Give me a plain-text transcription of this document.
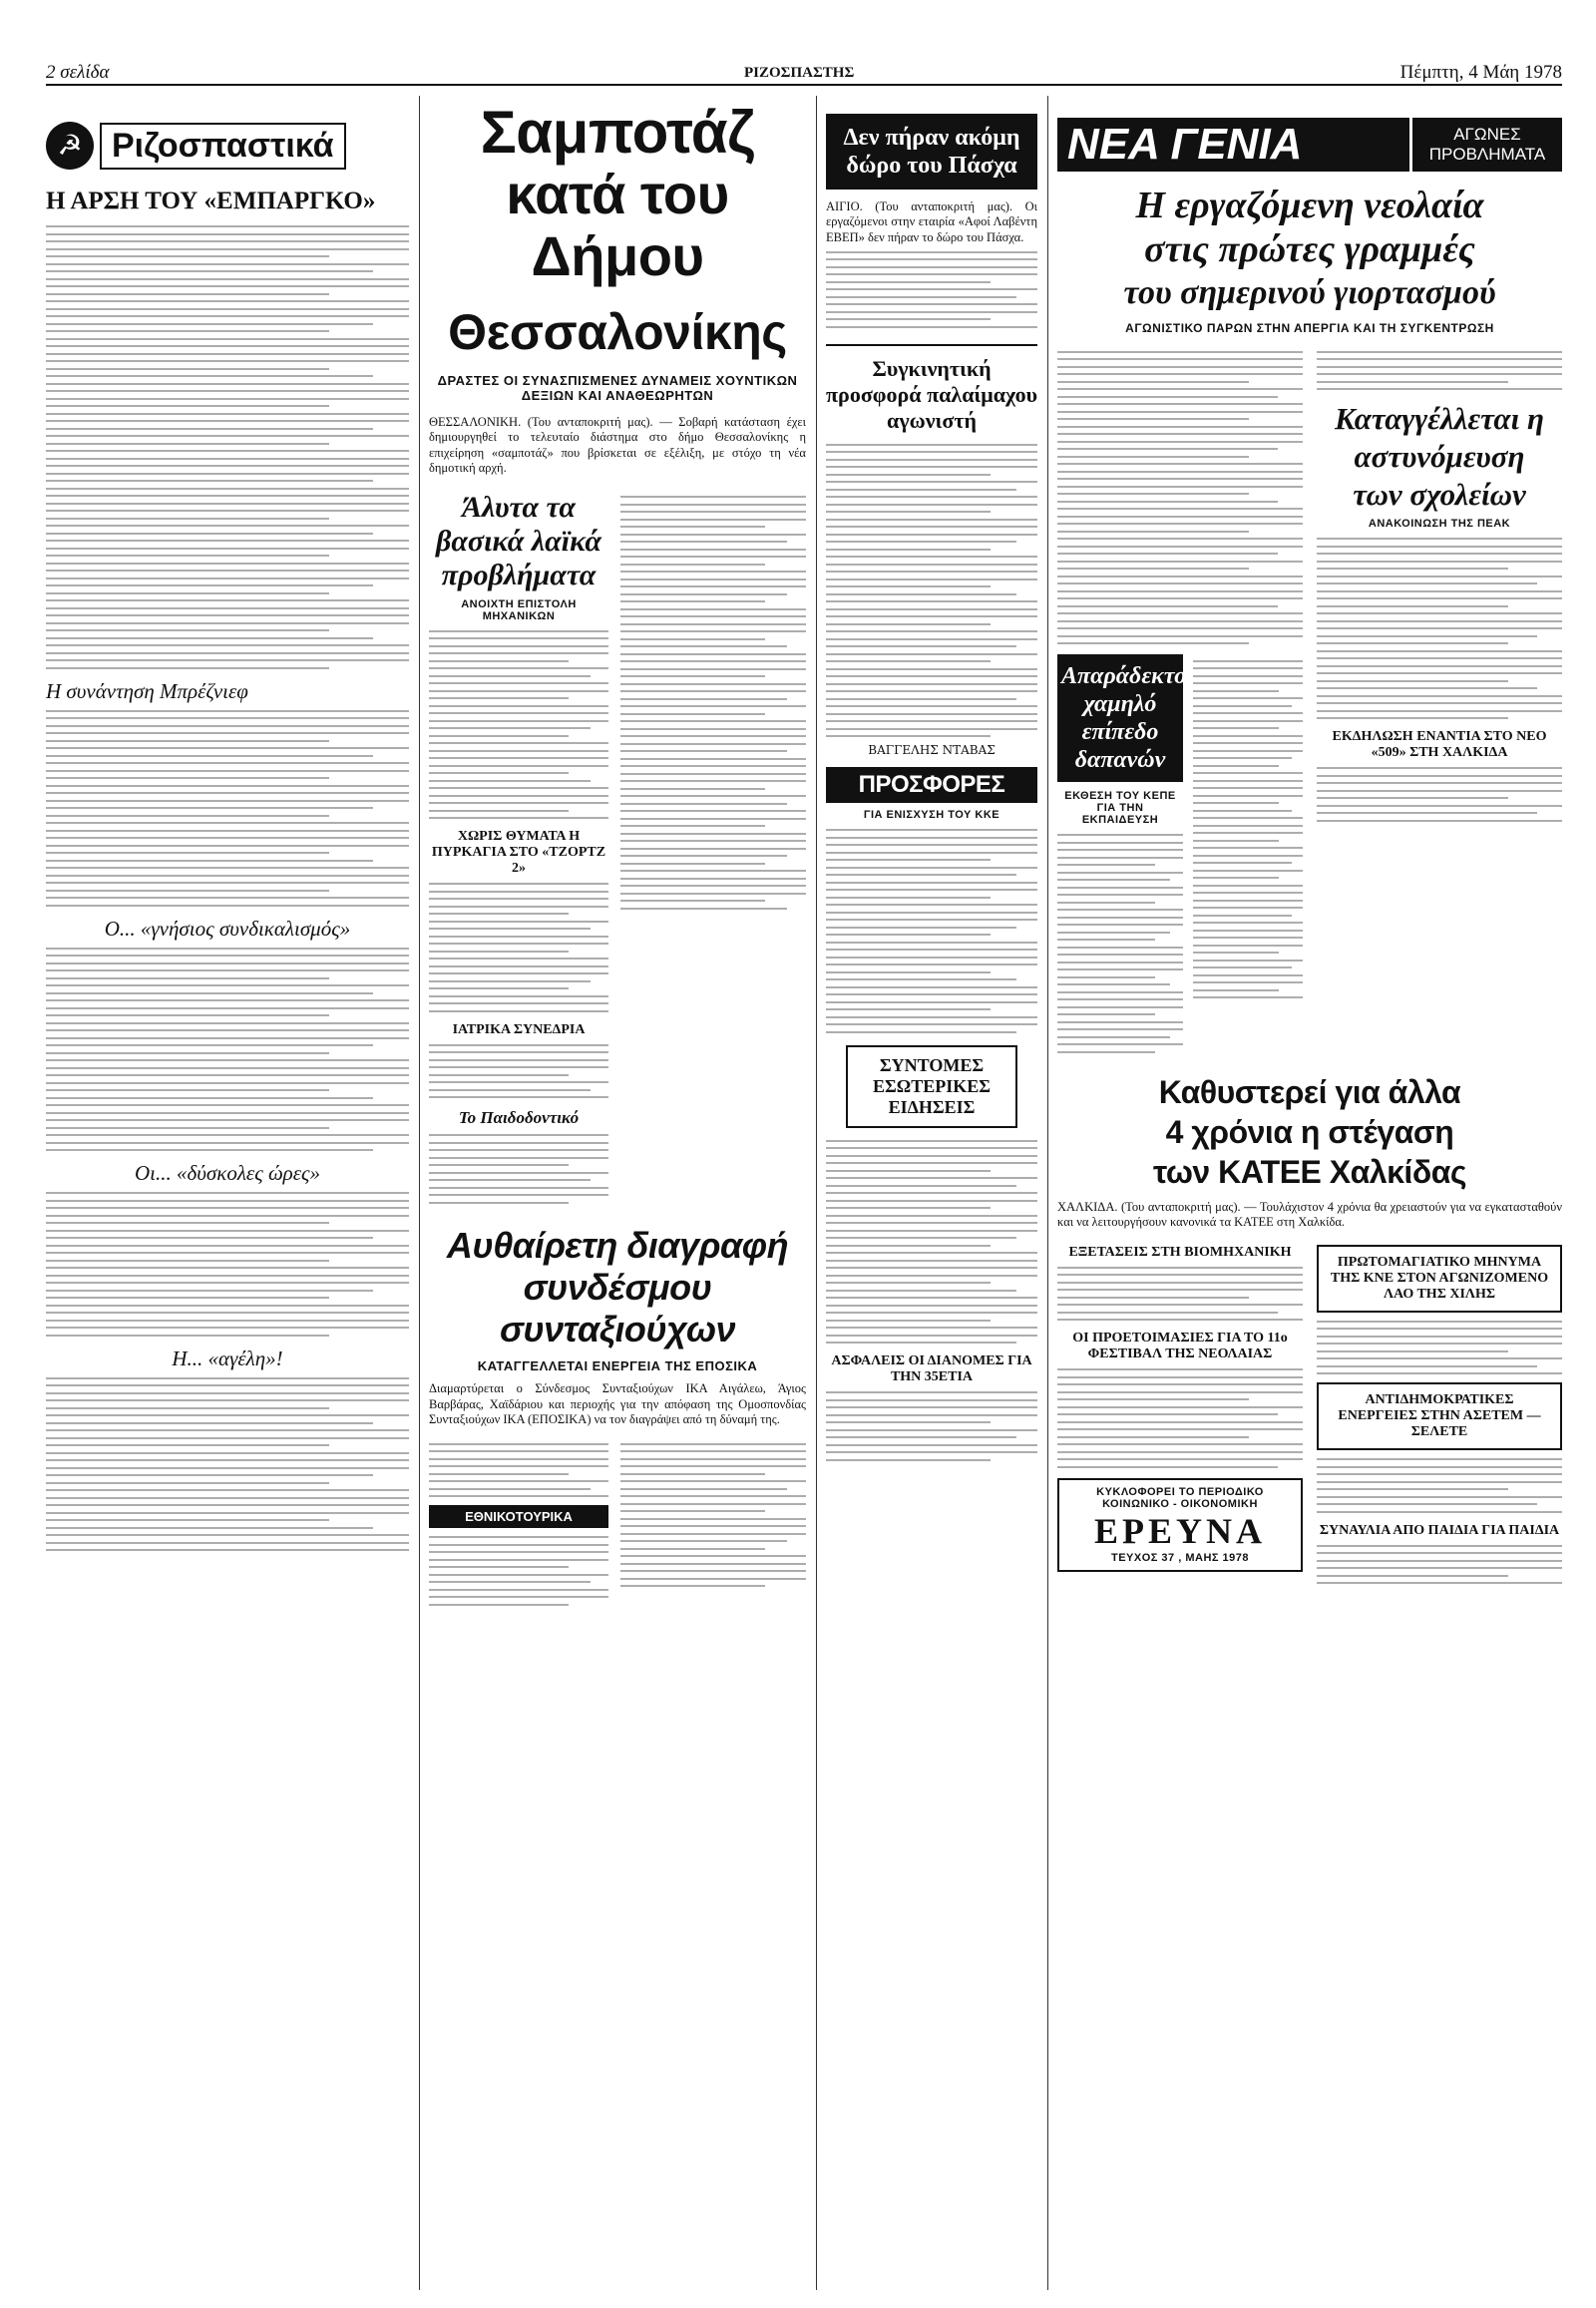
2 σελίδα	ΡΙΖΟΣΠΑΣΤΗΣ	Πέμπτη, 4 Μάη 1978
☭ Ριζοσπαστικά
Η ΑΡΣΗ ΤΟΥ «ΕΜΠΑΡΓΚΟ»
Η συνάντηση Μπρέζνιεφ
Ο... «γνήσιος συνδικαλισμός»
Οι... «δύσκολες ώρες»
Η... «αγέλη»!
Σαμποτάζ
κατά του Δήμου
Θεσσαλονίκης
ΔΡΑΣΤΕΣ ΟΙ ΣΥΝΑΣΠΙΣΜΕΝΕΣ ΔΥΝΑΜΕΙΣ ΧΟΥΝΤΙΚΩΝ ΔΕΞΙΩΝ ΚΑΙ ΑΝΑΘΕΩΡΗΤΩΝ
ΘΕΣΣΑΛΟΝΙΚΗ. (Του ανταποκριτή μας). — Σοβαρή κατάσταση έχει δημιουργηθεί το τελευταίο διάστημα στο δήμο Θεσσαλονίκης η επιχείρηση «σαμποτάζ» που βρίσκεται σε εξέλιξη, με στόχο τη νέα δημοτική αρχή.
Άλυτα τα βασικά λαϊκά προβλήματα
ΑΝΟΙΧΤΗ ΕΠΙΣΤΟΛΗ ΜΗΧΑΝΙΚΩΝ
ΧΩΡΙΣ ΘΥΜΑΤΑ Η ΠΥΡΚΑΓΙΑ ΣΤΟ «ΤΖΟΡΤΖ 2»
ΙΑΤΡΙΚΑ ΣΥΝΕΔΡΙΑ
Το Παιδοδοντικό
Αυθαίρετη διαγραφή
συνδέσμου συνταξιούχων
ΚΑΤΑΓΓΕΛΛΕΤΑΙ ΕΝΕΡΓΕΙΑ ΤΗΣ ΕΠΟΣΙΚΑ
Διαμαρτύρεται ο Σύνδεσμος Συνταξιούχων ΙΚΑ Αιγάλεω, Άγιος Βαρβάρας, Χαϊδάριου και περιοχής για την απόφαση της Ομοσπονδίας Συνταξιούχων ΙΚΑ (ΕΠΟΣΙΚΑ) να τον διαγράψει από τη δύναμή της.
ΕΘΝΙΚΟΤΟΥΡΙΚΑ
Δεν πήραν ακόμη δώρο του Πάσχα
ΑΙΓΙΟ. (Του ανταποκριτή μας). Οι εργαζόμενοι στην εταιρία «Αφοί Λαβέντη ΕΒΕΠ» δεν πήραν το δώρο του Πάσχα.
Συγκινητική προσφορά παλαίμαχου αγωνιστή
ΒΑΓΓΕΛΗΣ ΝΤΑΒΑΣ
ΠΡΟΣΦΟΡΕΣ
ΓΙΑ ΕΝΙΣΧΥΣΗ ΤΟΥ ΚΚΕ
ΣΥΝΤΟΜΕΣ ΕΣΩΤΕΡΙΚΕΣ ΕΙΔΗΣΕΙΣ
ΑΣΦΑΛΕΙΣ ΟΙ ΔΙΑΝΟΜΕΣ ΓΙΑ ΤΗΝ 35ΕΤΙΑ
ΝΕΑ ΓΕΝΙΑ	ΑΓΩΝΕΣ
ΠΡΟΒΛΗΜΑΤΑ
Η εργαζόμενη νεολαία
στις πρώτες γραμμές
του σημερινού γιορτασμού
ΑΓΩΝΙΣΤΙΚΟ ΠΑΡΩΝ ΣΤΗΝ ΑΠΕΡΓΙΑ ΚΑΙ ΤΗ ΣΥΓΚΕΝΤΡΩΣΗ
Απαράδεκτο χαμηλό επίπεδο δαπανών
ΕΚΘΕΣΗ ΤΟΥ ΚΕΠΕ ΓΙΑ ΤΗΝ ΕΚΠΑΙΔΕΥΣΗ
Καταγγέλλεται η
αστυνόμευση
των σχολείων
ΑΝΑΚΟΙΝΩΣΗ ΤΗΣ ΠΕΑΚ
ΕΚΔΗΛΩΣΗ ΕΝΑΝΤΙΑ ΣΤΟ ΝΕΟ «509» ΣΤΗ ΧΑΛΚΙΔΑ
Καθυστερεί για άλλα
4 χρόνια η στέγαση
των ΚΑΤΕΕ Χαλκίδας
ΧΑΛΚΙΔΑ. (Του ανταποκριτή μας). — Τουλάχιστον 4 χρόνια θα χρειαστούν για να εγκατασταθούν και να λειτουργήσουν κανονικά τα ΚΑΤΕΕ στη Χαλκίδα.
ΕΞΕΤΑΣΕΙΣ ΣΤΗ ΒΙΟΜΗΧΑΝΙΚΗ
ΟΙ ΠΡΟΕΤΟΙΜΑΣΙΕΣ ΓΙΑ ΤΟ 11ο ΦΕΣΤΙΒΑΛ ΤΗΣ ΝΕΟΛΑΙΑΣ
ΚΥΚΛΟΦΟΡΕΙ ΤΟ ΠΕΡΙΟΔΙΚΟ ΚΟΙΝΩΝΙΚΟ - ΟΙΚΟΝΟΜΙΚΗ
ΕΡΕΥΝΑ
ΤΕΥΧΟΣ 37 , ΜΑΗΣ 1978
ΠΡΩΤΟΜΑΓΙΑΤΙΚΟ ΜΗΝΥΜΑ ΤΗΣ ΚΝΕ ΣΤΟΝ ΑΓΩΝΙΖΟΜΕΝΟ ΛΑΟ ΤΗΣ ΧΙΛΗΣ
ΑΝΤΙΔΗΜΟΚΡΑΤΙΚΕΣ ΕΝΕΡΓΕΙΕΣ ΣΤΗΝ ΑΣΕΤΕΜ — ΣΕΛΕΤΕ
ΣΥΝΑΥΛΙΑ ΑΠΟ ΠΑΙΔΙΑ ΓΙΑ ΠΑΙΔΙΑ
